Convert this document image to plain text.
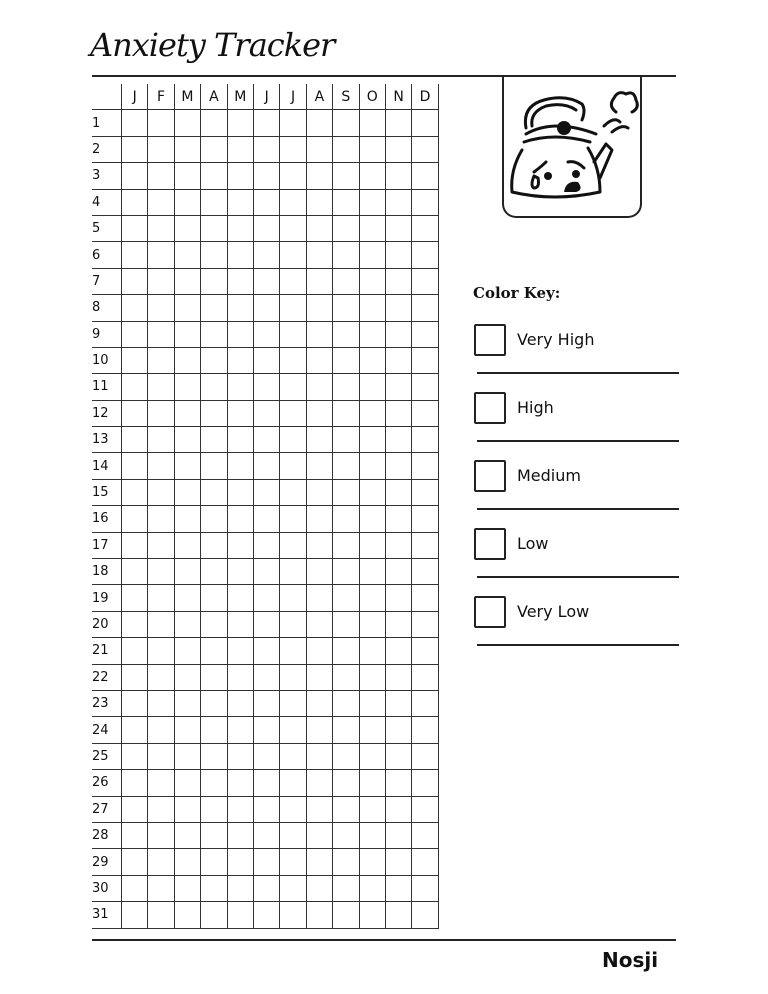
Anxiety Tracker
	J	F	M	A	M	J	J	A	S	O	N	D
1												
2												
3												
4												
5												
6												
7												
8												
9												
10												
11												
12												
13												
14												
15												
16												
17												
18												
19												
20												
21												
22												
23												
24												
25												
26												
27												
28												
29												
30												
31												
Color Key:
Very High
High
Medium
Low
Very Low
Nosji
